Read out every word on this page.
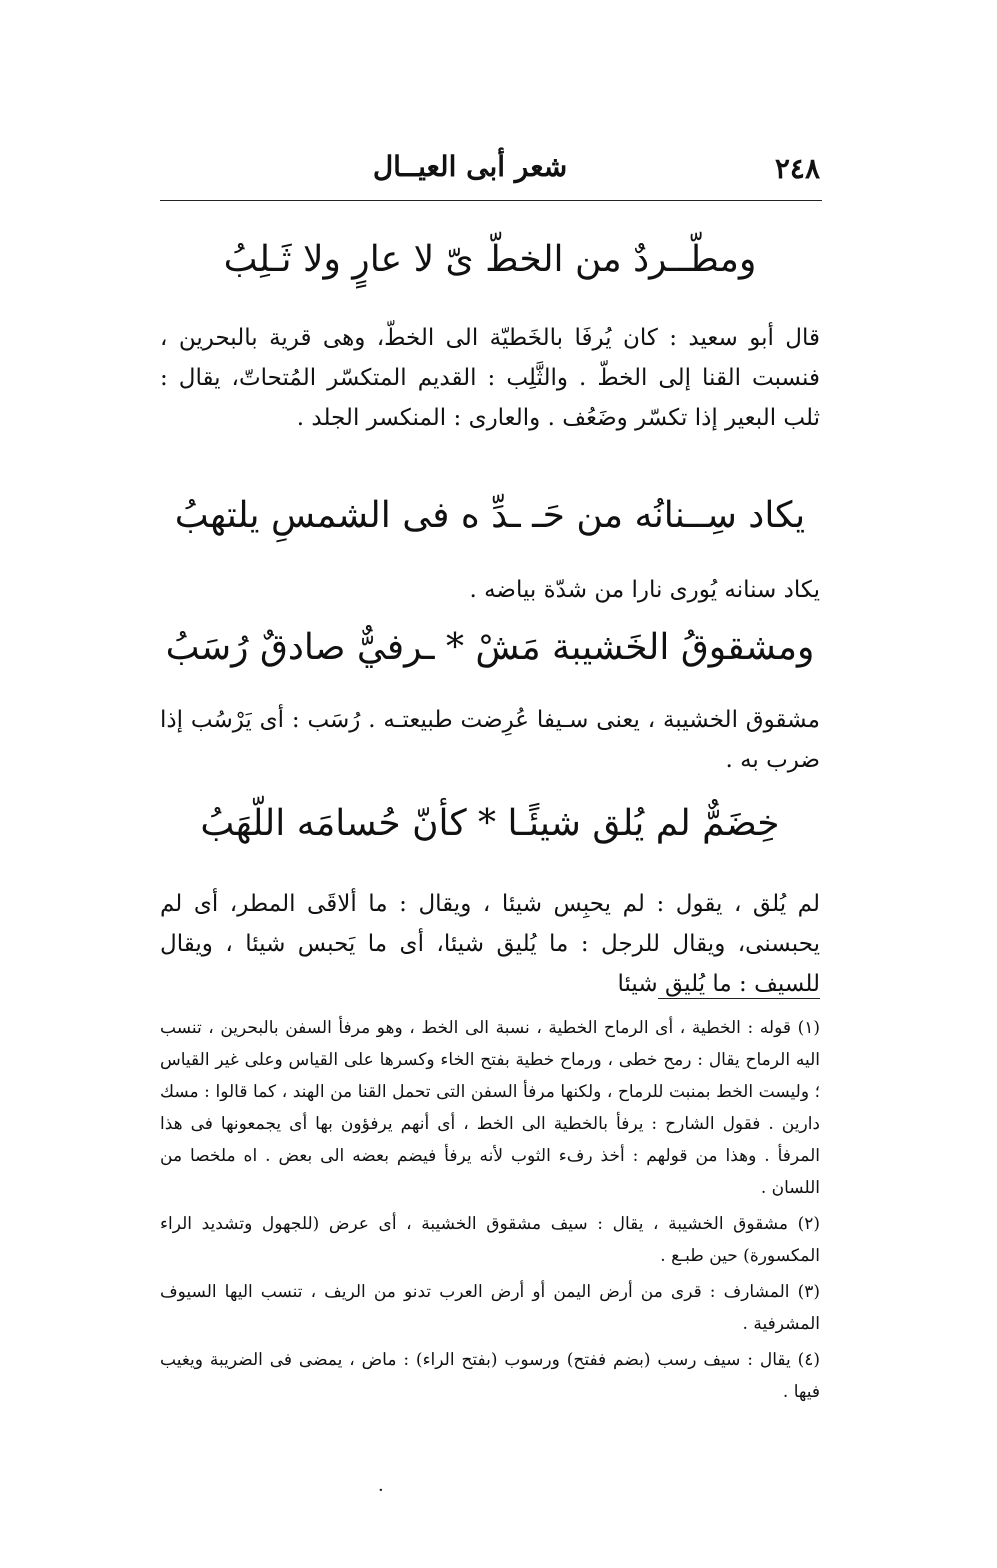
٢٤٨
شعر أبى العيــال
ومطّــردٌ من الخطّ ىّ لا عارٍ ولا ثَـلِبُ
قال أبو سعيد : كان يُرفَا بالخَطيّة الى الخطّ، وهى قرية بالبحرين ، فنسبت القنا إلى الخطّ . والثَّلِب : القديم المتكسّر المُتحاتّ، يقال : ثلب البعير إذا تكسّر وضَعُف . والعارى : المنكسر الجلد .
يكاد سِــنانُه من حَـ ـدِّ ه فى الشمسِ يلتهبُ
يكاد سنانه يُورى نارا من شدّة بياضه .
ومشقوقُ الخَشيبة مَشْ * ـرفيٌّ صادقٌ رُسَبُ
مشقوق الخشيبة ، يعنى سـيفا عُرِضت طبيعتـه . رُسَب : أى يَرْسُب إذا ضرب به .
خِضَمٌّ لم يُلق شيئًـا * كأنّ حُسامَه اللّهَبُ
لم يُلق ، يقول : لم يحبِس شيئا ، ويقال : ما ألاقَى المطر، أى لم يحبسنى، ويقال للرجل : ما يُليق شيئا، أى ما يَحبس شيئا ، ويقال للسيف : ما يُليق شيئا

(١) قوله : الخطية ، أى الرماح الخطية ، نسبة الى الخط ، وهو مرفأ السفن بالبحرين ، تنسب اليه الرماح يقال : رمح خطى ، ورماح خطية بفتح الخاء وكسرها على القياس وعلى غير القياس ؛ وليست الخط بمنبت للرماح ، ولكنها مرفأ السفن التى تحمل القنا من الهند ، كما قالوا : مسك دارين . فقول الشارح : يرفأ بالخطية الى الخط ، أى أنهم يرفؤون بها أى يجمعونها فى هذا المرفأ . وهذا من قولهم : أخذ رفء الثوب لأنه يرفأ فيضم بعضه الى بعض . اه ملخصا من اللسان .

(٢) مشقوق الخشيبة ، يقال : سيف مشقوق الخشيبة ، أى عرض (للجهول وتشديد الراء المكسورة) حين طبـع .

(٣) المشارف : قرى من أرض اليمن أو أرض العرب تدنو من الريف ، تنسب اليها السيوف المشرفية .

(٤) يقال : سيف رسب (بضم ففتح) ورسوب (بفتح الراء) : ماض ، يمضى فى الضريبة ويغيب فيها .

·
